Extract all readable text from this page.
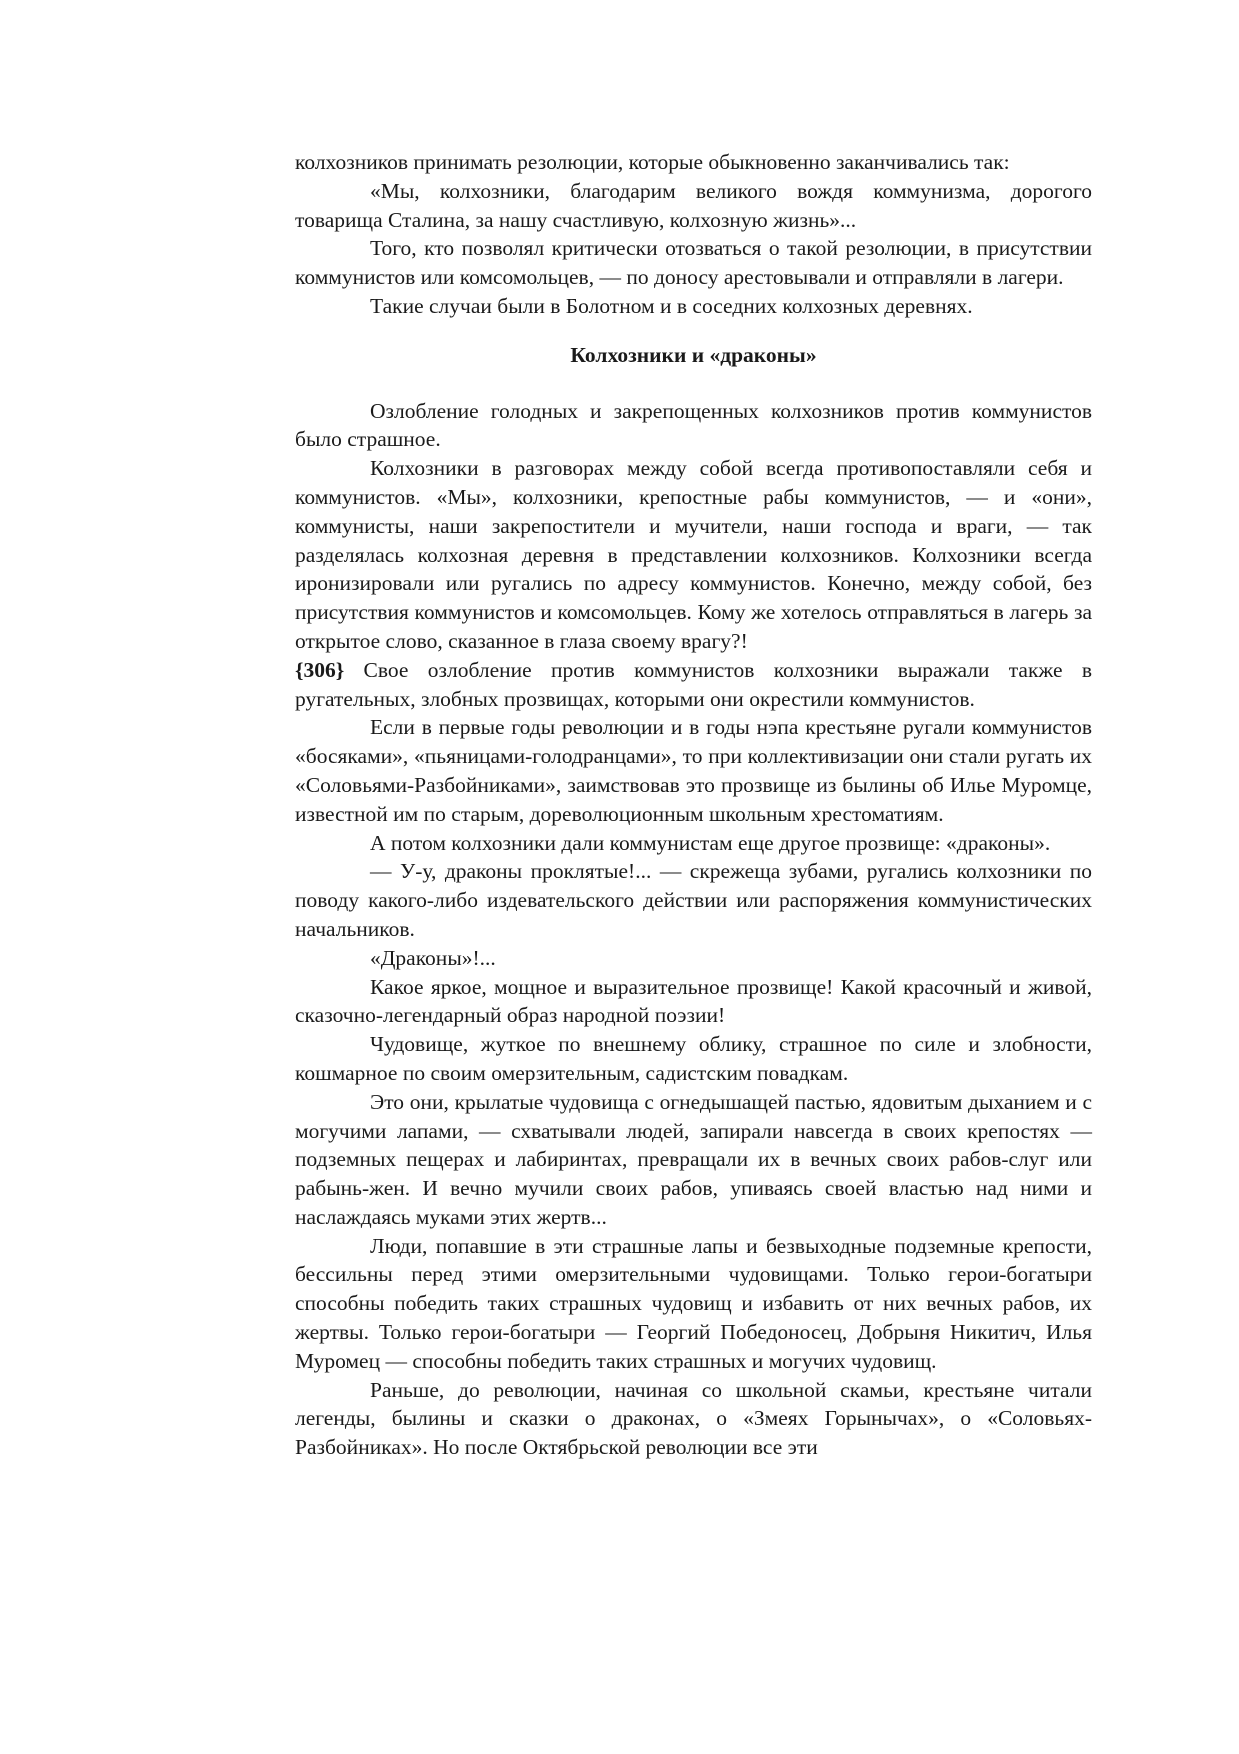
колхозников принимать резолюции, которые обыкновенно заканчивались так:

«Мы, колхозники, благодарим великого вождя коммунизма, дорогого товарища Сталина, за нашу счастливую, колхозную жизнь»...

Того, кто позволял критически отозваться о такой резолюции, в присутствии коммунистов или комсомольцев, — по доносу арестовывали и отправляли в лагери.

Такие случаи были в Болотном и в соседних колхозных деревнях.

Колхозники и «драконы»

Озлобление голодных и закрепощенных колхозников против коммунистов было страшное.

Колхозники в разговорах между собой всегда противопоставляли себя и коммунистов. «Мы», колхозники, крепостные рабы коммунистов, — и «они», коммунисты, наши закрепостители и мучители, наши господа и враги, — так разделялась колхозная деревня в представлении колхозников. Колхозники всегда иронизировали или ругались по адресу коммунистов. Конечно, между собой, без присутствия коммунистов и комсомольцев. Кому же хотелось отправляться в лагерь за открытое слово, сказанное в глаза своему врагу?!

{306} Свое озлобление против коммунистов колхозники выражали также в ругательных, злобных прозвищах, которыми они окрестили коммунистов.

Если в первые годы революции и в годы нэпа крестьяне ругали коммунистов «босяками», «пьяницами-голодранцами», то при коллективизации они стали ругать их «Соловьями-Разбойниками», заимствовав это прозвище из былины об Илье Муромце, известной им по старым, дореволюционным школьным хрестоматиям.

А потом колхозники дали коммунистам еще другое прозвище: «драконы».

— У-у, драконы проклятые!... — скрежеща зубами, ругались колхозники по поводу какого-либо издевательского действии или распоряжения коммунистических начальников.

«Драконы»!...

Какое яркое, мощное и выразительное прозвище! Какой красочный и живой, сказочно-легендарный образ народной поэзии!

Чудовище, жуткое по внешнему облику, страшное по силе и злобности, кошмарное по своим омерзительным, садистским повадкам.

Это они, крылатые чудовища с огнедышащей пастью, ядовитым дыханием и с могучими лапами, — схватывали людей, запирали навсегда в своих крепостях — подземных пещерах и лабиринтах, превращали их в вечных своих рабов-слуг или рабынь-жен. И вечно мучили своих рабов, упиваясь своей властью над ними и наслаждаясь муками этих жертв...

Люди, попавшие в эти страшные лапы и безвыходные подземные крепости, бессильны перед этими омерзительными чудовищами. Только герои-богатыри способны победить таких страшных чудовищ и избавить от них вечных рабов, их жертвы. Только герои-богатыри — Георгий Победоносец, Добрыня Никитич, Илья Муромец — способны победить таких страшных и могучих чудовищ.

Раньше, до революции, начиная со школьной скамьи, крестьяне читали легенды, былины и сказки о драконах, о «Змеях Горынычах», о «Соловьях-Разбойниках». Но после Октябрьской революции все эти
